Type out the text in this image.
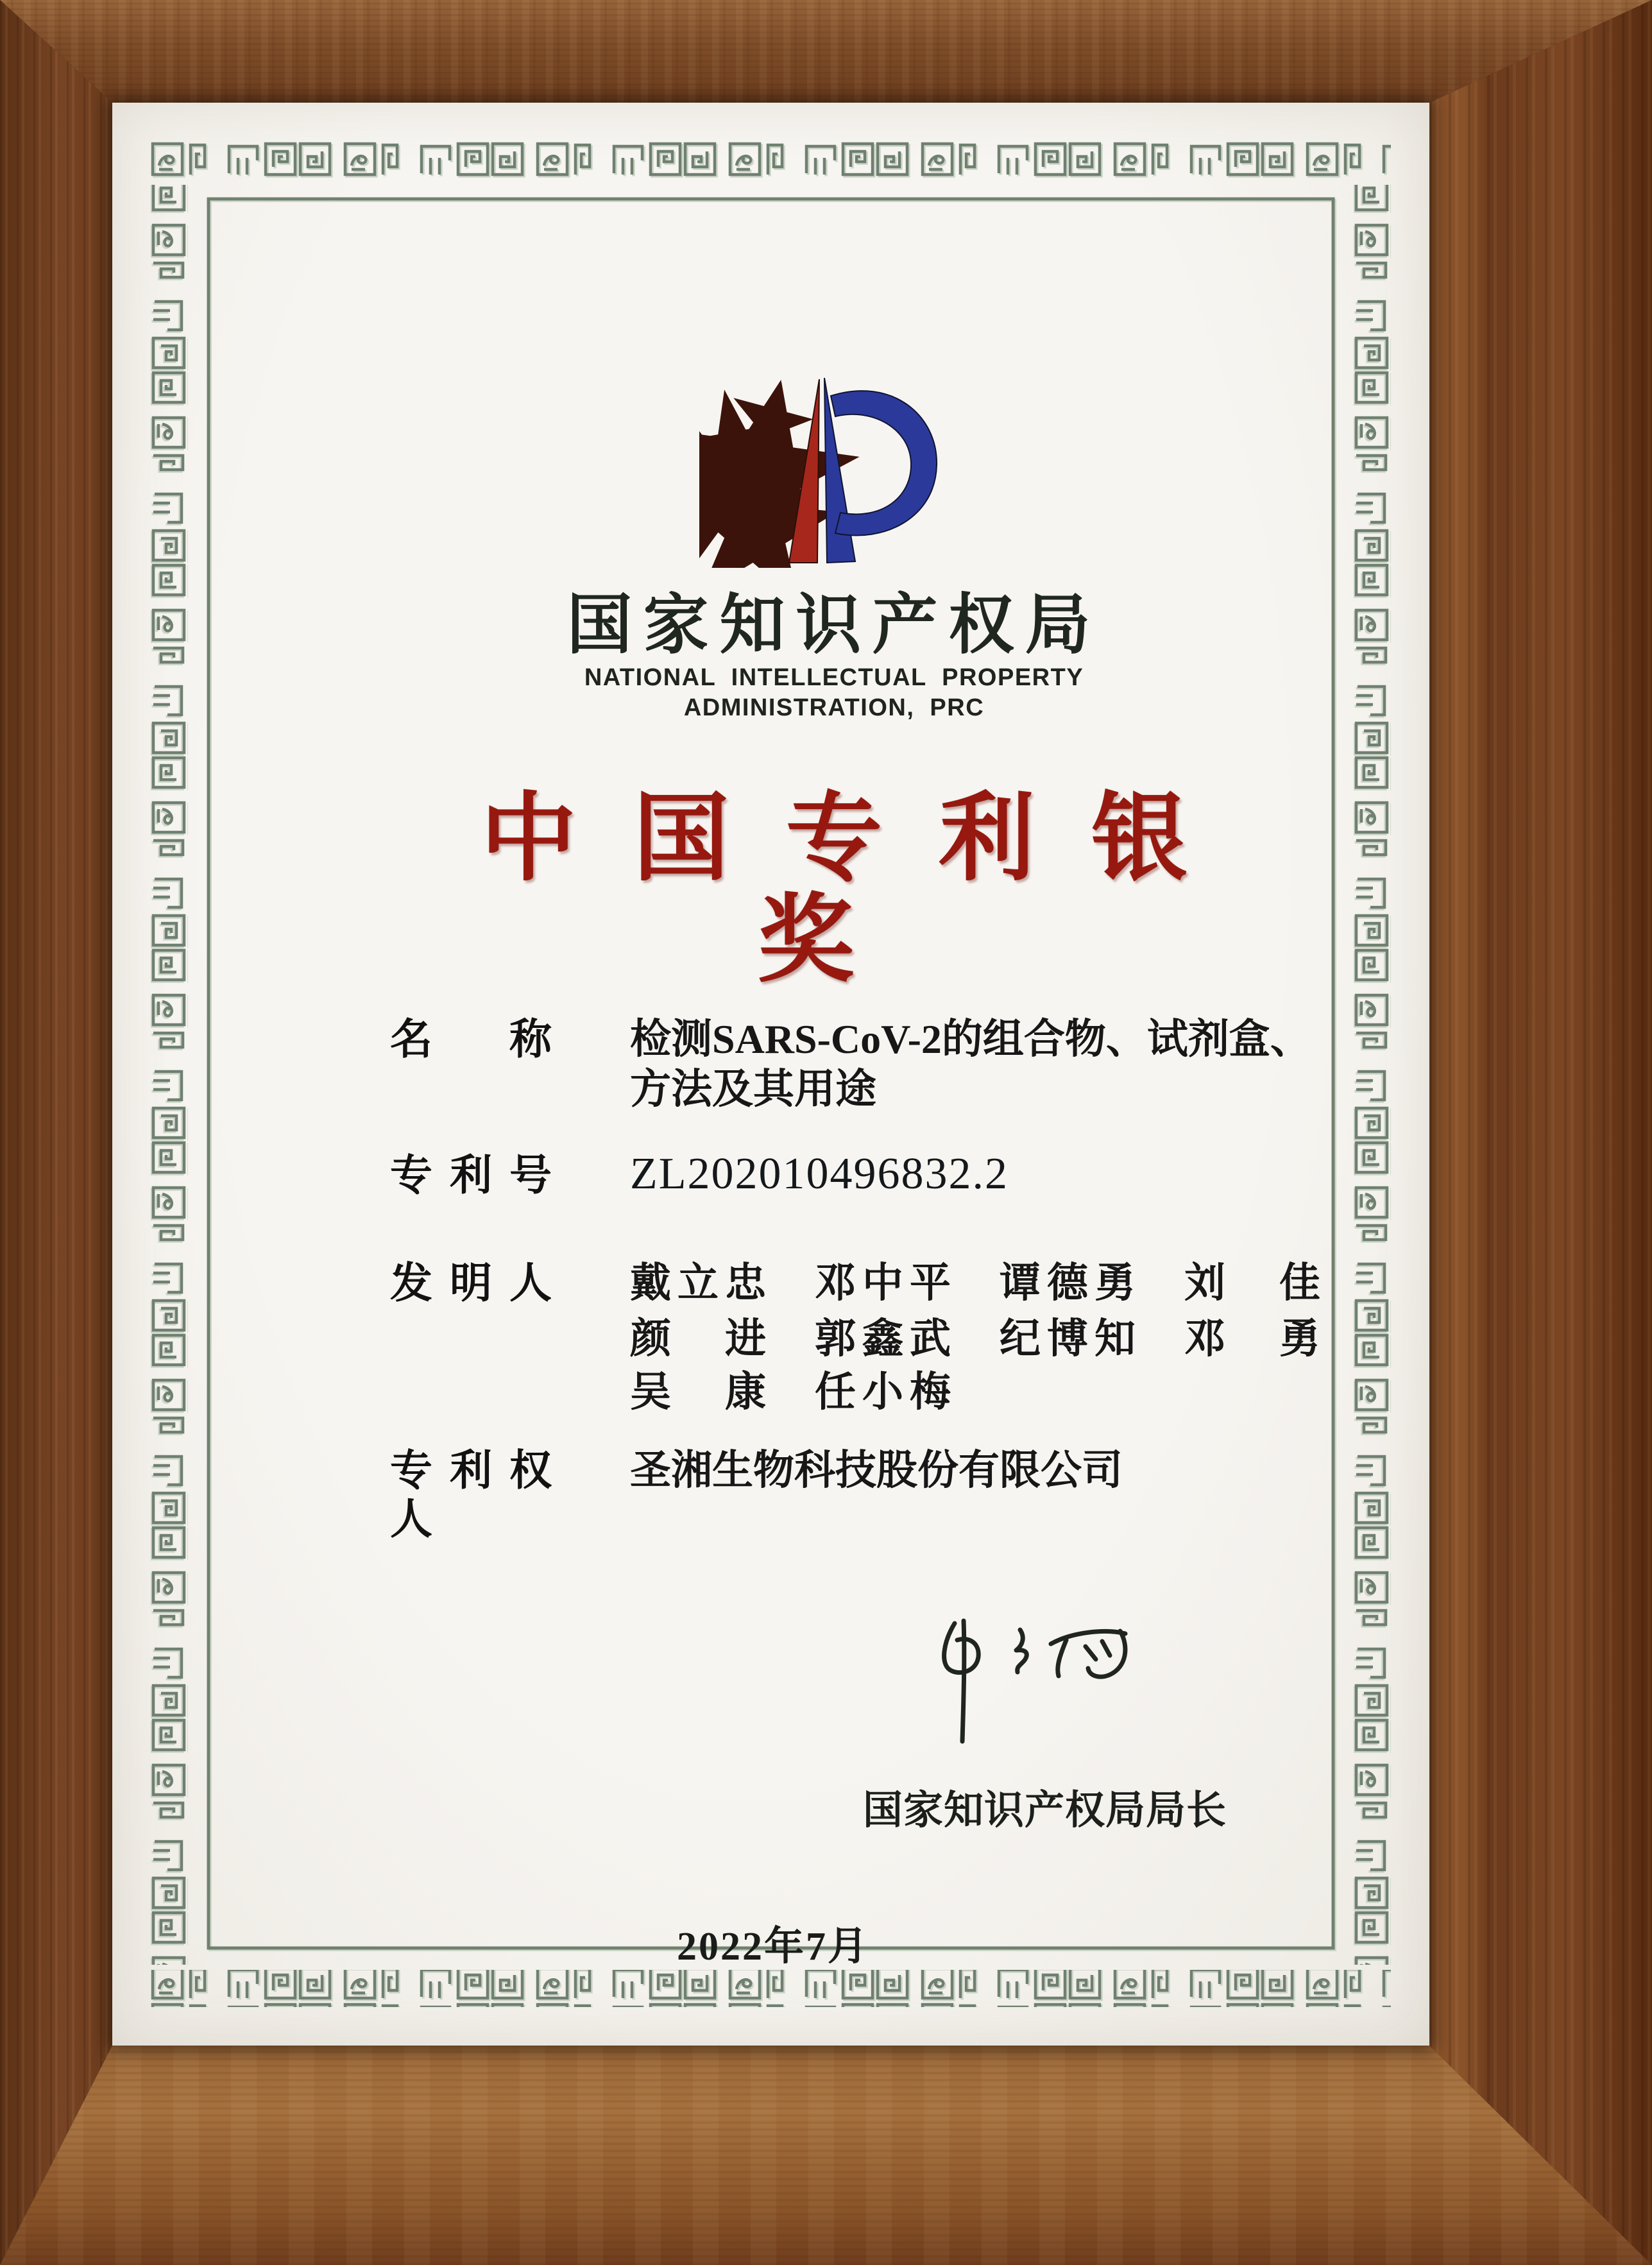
国家知识产权局
NATIONAL INTELLECTUAL PROPERTY
ADMINISTRATION, PRC
中国专利银奖
名称 检测SARS-CoV-2的组合物、试剂盒、
方法及其用途
专利号 ZL202010496832.2
发明人 戴立忠 邓中平 谭德勇 刘佳
颜进 郭鑫武 纪博知 邓勇
吴康 任小梅
专利权人
圣湘生物科技股份有限公司
国家知识产权局局长
2022年7月
